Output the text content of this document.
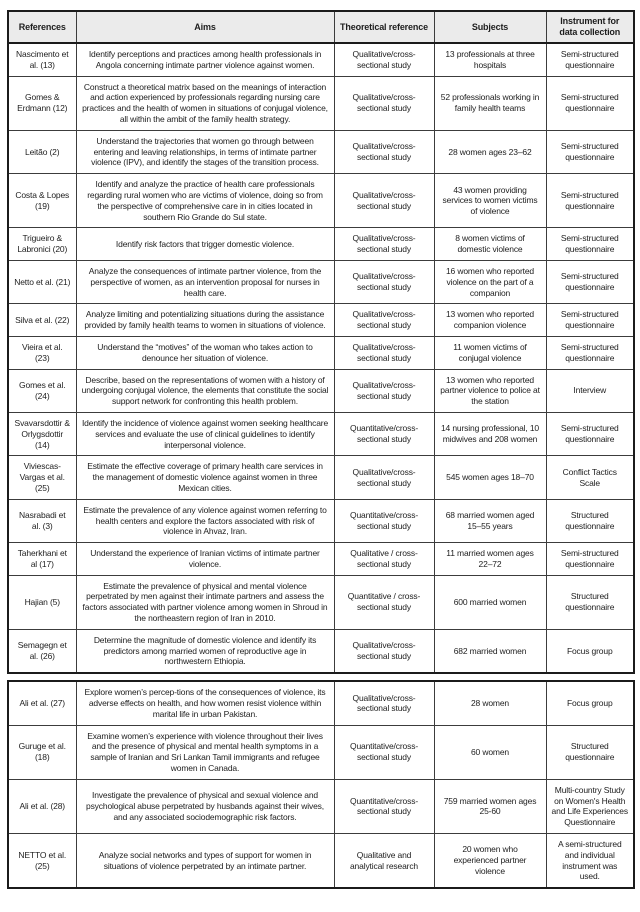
References	Aims	Theoretical reference	Subjects	Instrument for data collection
Nascimento et al. (13)	Identify perceptions and practices among health professionals in Angola concerning intimate partner violence against women.	Qualitative/cross-sectional study	13 professionals at three hospitals	Semi-structured questionnaire
Gomes & Erdmann (12)	Construct a theoretical matrix based on the meanings of interaction and action experienced by professionals regarding nursing care practices and the health of women in situations of conjugal violence, all within the ambit of the family health strategy.	Qualitative/cross-sectional study	52 professionals working in family health teams	Semi-structured questionnaire
Leitão (2)	Understand the trajectories that women go through between entering and leaving relationships, in terms of intimate partner violence (IPV), and identify the stages of the transition process.	Qualitative/cross-sectional study	28 women ages 23–62	Semi-structured questionnaire
Costa & Lopes (19)	Identify and analyze the practice of health care professionals regarding rural women who are victims of violence, doing so from the perspective of comprehensive care in in cities located in southern Rio Grande do Sul state.	Qualitative/cross-sectional study	43 women providing services to women victims of violence	Semi-structured questionnaire
Trigueiro & Labronici (20)	Identify risk factors that trigger domestic violence.	Qualitative/cross-sectional study	8 women victims of domestic violence	Semi-structured questionnaire
Netto et al. (21)	Analyze the consequences of intimate partner violence, from the perspective of women, as an intervention proposal for nurses in health care.	Qualitative/cross-sectional study	16 women who reported violence on the part of a companion	Semi-structured questionnaire
Silva et al. (22)	Analyze limiting and potentializing situations during the assistance provided by family health teams to women in situations of violence.	Qualitative/cross-sectional study	13 women who reported companion violence	Semi-structured questionnaire
Vieira et al. (23)	Understand the “motives” of the woman who takes action to denounce her situation of violence.	Qualitative/cross-sectional study	11 women victims of conjugal violence	Semi-structured questionnaire
Gomes et al. (24)	Describe, based on the representations of women with a history of undergoing conjugal violence, the elements that constitute the social support network for confronting this health problem.	Qualitative/cross-sectional study	13 women who reported partner violence to police at the station	Interview
Svavarsdottir & Orlygsdottir (14)	Identify the incidence of violence against women seeking healthcare services and evaluate the use of clinical guidelines to identify interpersonal violence.	Quantitative/cross-sectional study	14 nursing professional, 10 midwives and 208 women	Semi-structured questionnaire
Viviescas-Vargas et al. (25)	Estimate the effective coverage of primary health care services in the management of domestic violence against women in three Mexican cities.	Qualitative/cross-sectional study	545 women ages 18–70	Conflict Tactics Scale
Nasrabadi et al. (3)	Estimate the prevalence of any violence against women referring to health centers and explore the factors associated with risk of violence in Ahvaz, Iran.	Quantitative/cross-sectional study	68 married women aged 15–55 years	Structured questionnaire
Taherkhani et al (17)	Understand the experience of Iranian victims of intimate partner violence.	Qualitative / cross-sectional study	11 married women ages 22–72	Semi-structured questionnaire
Hajian (5)	Estimate the prevalence of physical and mental violence perpetrated by men against their intimate partners and assess the factors associated with partner violence among women in Shroud in the northeastern region of Iran in 2010.	Quantitative / cross-sectional study	600 married women	Structured questionnaire
Semagegn et al. (26)	Determine the magnitude of domestic violence and identify its predictors among married women of reproductive age in northwestern Ethiopia.	Qualitative/cross-sectional study	682 married women	Focus group
Ali et al. (27)	Explore women’s percep-tions of the consequences of violence, its adverse effects on health, and how women resist violence within marital life in urban Pakistan.	Qualitative/cross-sectional study	28 women	Focus group
Guruge et al. (18)	Examine women’s experience with violence throughout their lives and the presence of physical and mental health symptoms in a sample of Iranian and Sri Lankan Tamil immigrants and refugee women in Canada.	Quantitative/cross-sectional study	60 women	Structured questionnaire
Ali et al. (28)	Investigate the prevalence of physical and sexual violence and psychological abuse perpetrated by husbands against their wives, and any associated sociodemographic risk factors.	Quantitative/cross-sectional study	759 married women ages 25-60	Multi-country Study on Women's Health and Life Experiences Questionnaire
NETTO et al. (25)	Analyze social networks and types of support for women in situations of violence perpetrated by an intimate partner.	Qualitative and analytical research	20 women who experienced partner violence	A semi-structured and individual instrument was used.
